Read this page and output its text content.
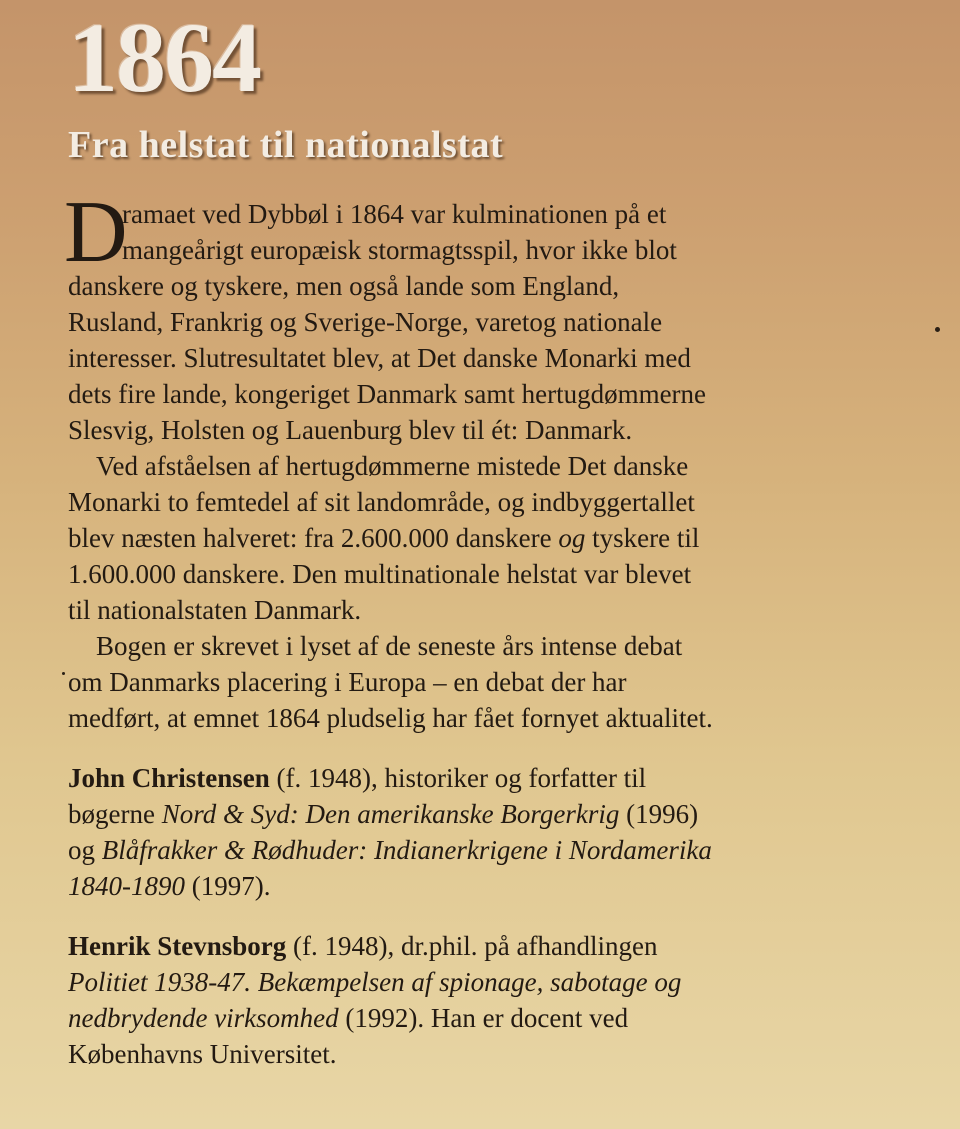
1864
Fra helstat til nationalstat
D
ramaet ved Dybbøl i 1864 var kulminationen på et
mangeårigt europæisk stormagtsspil, hvor ikke blot
danskere og tyskere, men også lande som England,
Rusland, Frankrig og Sverige-Norge, varetog nationale
interesser. Slutresultatet blev, at Det danske Monarki med
dets fire lande, kongeriget Danmark samt hertugdømmerne
Slesvig, Holsten og Lauenburg blev til ét: Danmark.
Ved afståelsen af hertugdømmerne mistede Det danske
Monarki to femtedel af sit landområde, og indbyggertallet
blev næsten halveret: fra 2.600.000 danskere og tyskere til
1.600.000 danskere. Den multinationale helstat var blevet
til nationalstaten Danmark.
Bogen er skrevet i lyset af de seneste års intense debat
om Danmarks placering i Europa – en debat der har
medført, at emnet 1864 pludselig har fået fornyet aktualitet.
John Christensen (f. 1948), historiker og forfatter til
bøgerne Nord & Syd: Den amerikanske Borgerkrig (1996)
og Blåfrakker & Rødhuder: Indianerkrigene i Nordamerika
1840-1890 (1997).
Henrik Stevnsborg (f. 1948), dr.phil. på afhandlingen
Politiet 1938-47. Bekæmpelsen af spionage, sabotage og
nedbrydende virksomhed (1992). Han er docent ved
Københavns Universitet.
